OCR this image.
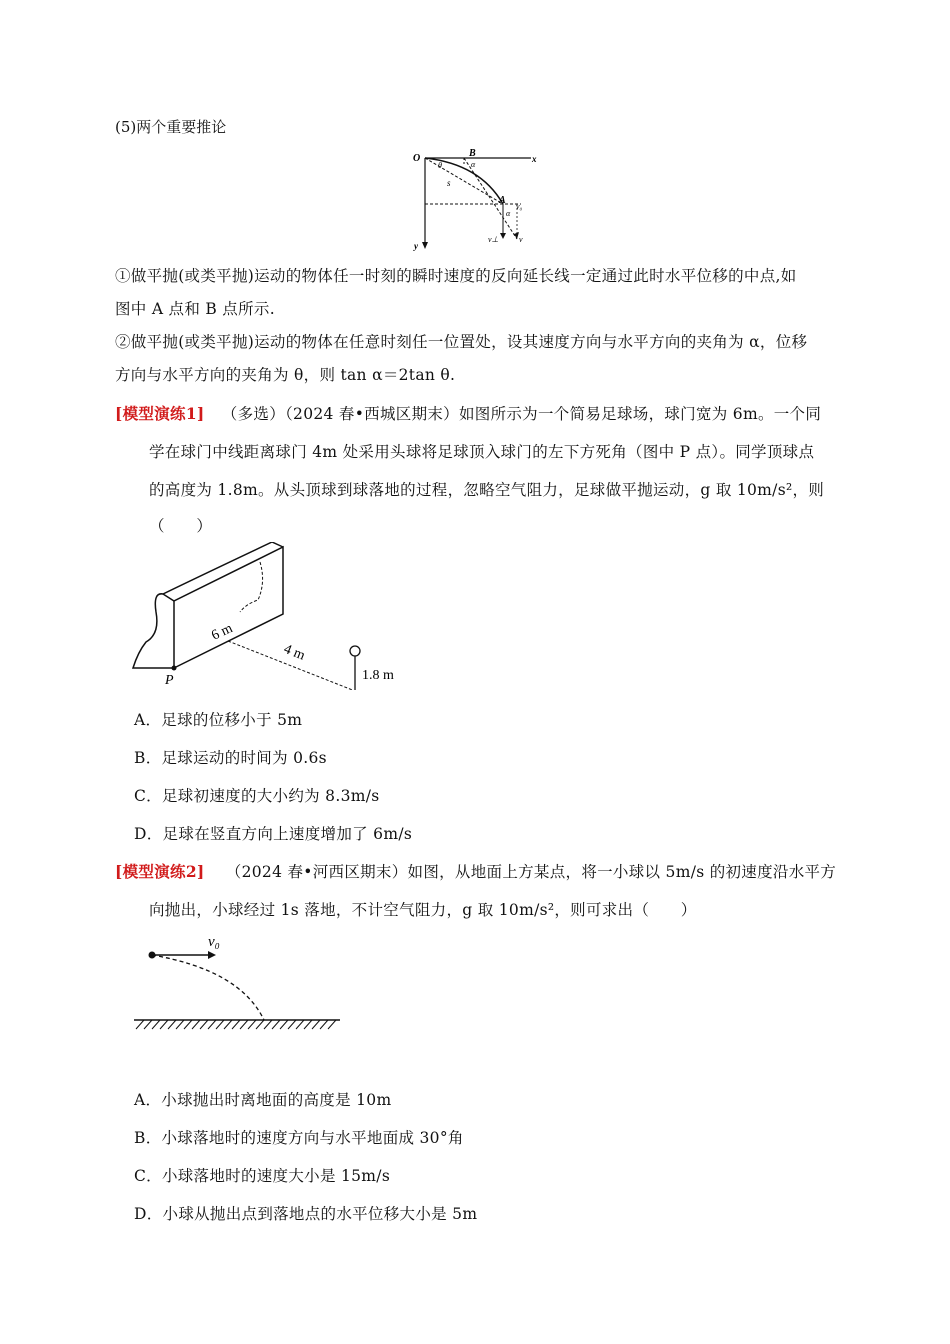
(5)两个重要推论
O	B	x
y
A
θ	α
α
s
v₀
v⊥	v
①做平抛(或类平抛)运动的物体任一时刻的瞬时速度的反向延长线一定通过此时水平位移的中点,如
图中 A 点和 B 点所示.
②做平抛(或类平抛)运动的物体在任意时刻任一位置处，设其速度方向与水平方向的夹角为 α，位移
方向与水平方向的夹角为 θ，则 tan α＝2tan θ.
[模型演练1] （多选）（2024 春•西城区期末）如图所示为一个简易足球场，球门宽为 6m。一个同
学在球门中线距离球门 4m 处采用头球将足球顶入球门的左下方死角（图中 P 点）。同学顶球点
的高度为 1.8m。从头顶球到球落地的过程，忽略空气阻力，足球做平抛运动，g 取 10m/s²，则
（　　）
P
6 m
4 m
1.8 m
A．足球的位移小于 5m
B．足球运动的时间为 0.6s
C．足球初速度的大小约为 8.3m/s
D．足球在竖直方向上速度增加了 6m/s
[模型演练2] （2024 春•河西区期末）如图，从地面上方某点，将一小球以 5m/s 的初速度沿水平方
向抛出，小球经过 1s 落地，不计空气阻力，g 取 10m/s²，则可求出（　　）
v₀
A．小球抛出时离地面的高度是 10m
B．小球落地时的速度方向与水平地面成 30°角
C．小球落地时的速度大小是 15m/s
D．小球从抛出点到落地点的水平位移大小是 5m
